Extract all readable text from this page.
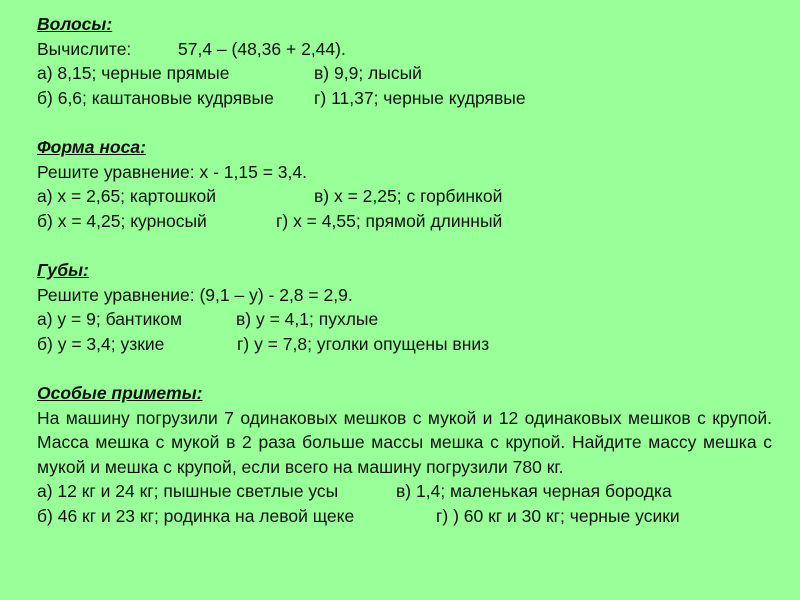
Волосы:
Вычислите:	57,4 – (48,36 + 2,44).
а) 8,15; черные прямые	в) 9,9; лысый
б) 6,6; каштановые кудрявые г) 11,37; черные кудрявые
Форма носа:
Решите уравнение: х - 1,15 = 3,4.
а) х = 2,65; картошкой	в) х = 2,25; с горбинкой
б) х = 4,25; курносый	г) х = 4,55; прямой длинный
Губы:
Решите уравнение: (9,1 – у) - 2,8 = 2,9.
а) у = 9; бантиком	в) у = 4,1; пухлые
б) у = 3,4; узкие	г) у = 7,8; уголки опущены вниз
Особые приметы:
На машину погрузили 7 одинаковых мешков с мукой и 12 одинаковых мешков с крупой. Масса мешка с мукой в 2 раза больше массы мешка с крупой. Найдите массу мешка с мукой и мешка с крупой, если всего на машину погрузили 780 кг.
а) 12 кг и 24 кг; пышные светлые усы	в) 1,4; маленькая черная бородка
б) 46 кг и 23 кг; родинка на левой щеке	г) ) 60 кг и 30 кг; черные усики
